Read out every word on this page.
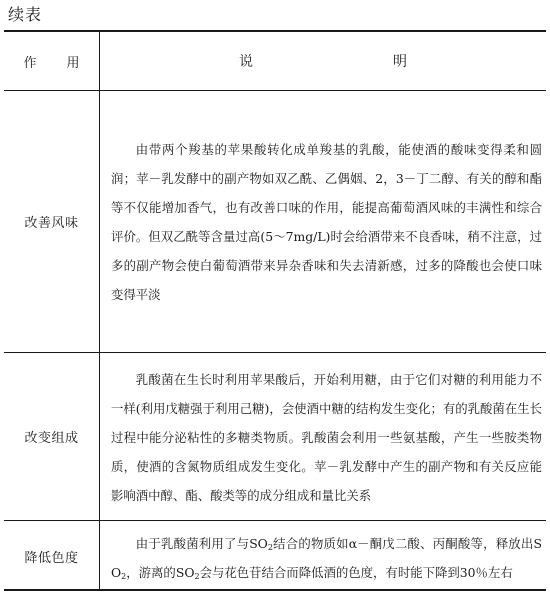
续表
作 用	说	明
改善风味
由带两个羧基的苹果酸转化成单羧基的乳酸，能使酒的酸味变得柔和圆润；苹－乳发酵中的副产物如双乙酰、乙偶姻、2，3－丁二醇、有关的醇和酯等不仅能增加香气，也有改善口味的作用，能提高葡萄酒风味的丰满性和综合评价。但双乙酰等含量过高(5～7mg/L)时会给酒带来不良香味，稍不注意，过多的副产物会使白葡萄酒带来异杂香味和失去清新感，过多的降酸也会使口味变得平淡
改变组成
乳酸菌在生长时利用苹果酸后，开始利用糖，由于它们对糖的利用能力不一样(利用戊糖强于利用己糖)，会使酒中糖的结构发生变化；有的乳酸菌在生长过程中能分泌粘性的多糖类物质。乳酸菌会利用一些氨基酸，产生一些胺类物质，使酒的含氮物质组成发生变化。苹－乳发酵中产生的副产物和有关反应能影响酒中醇、酯、酸类等的成分组成和量比关系
降低色度
由于乳酸菌利用了与$SO_2$结合的物质如α－酮戊二酸、丙酮酸等，释放出$SO_2$，游离的$SO_2$会与花色苷结合而降低酒的色度，有时能下降到30％左右
